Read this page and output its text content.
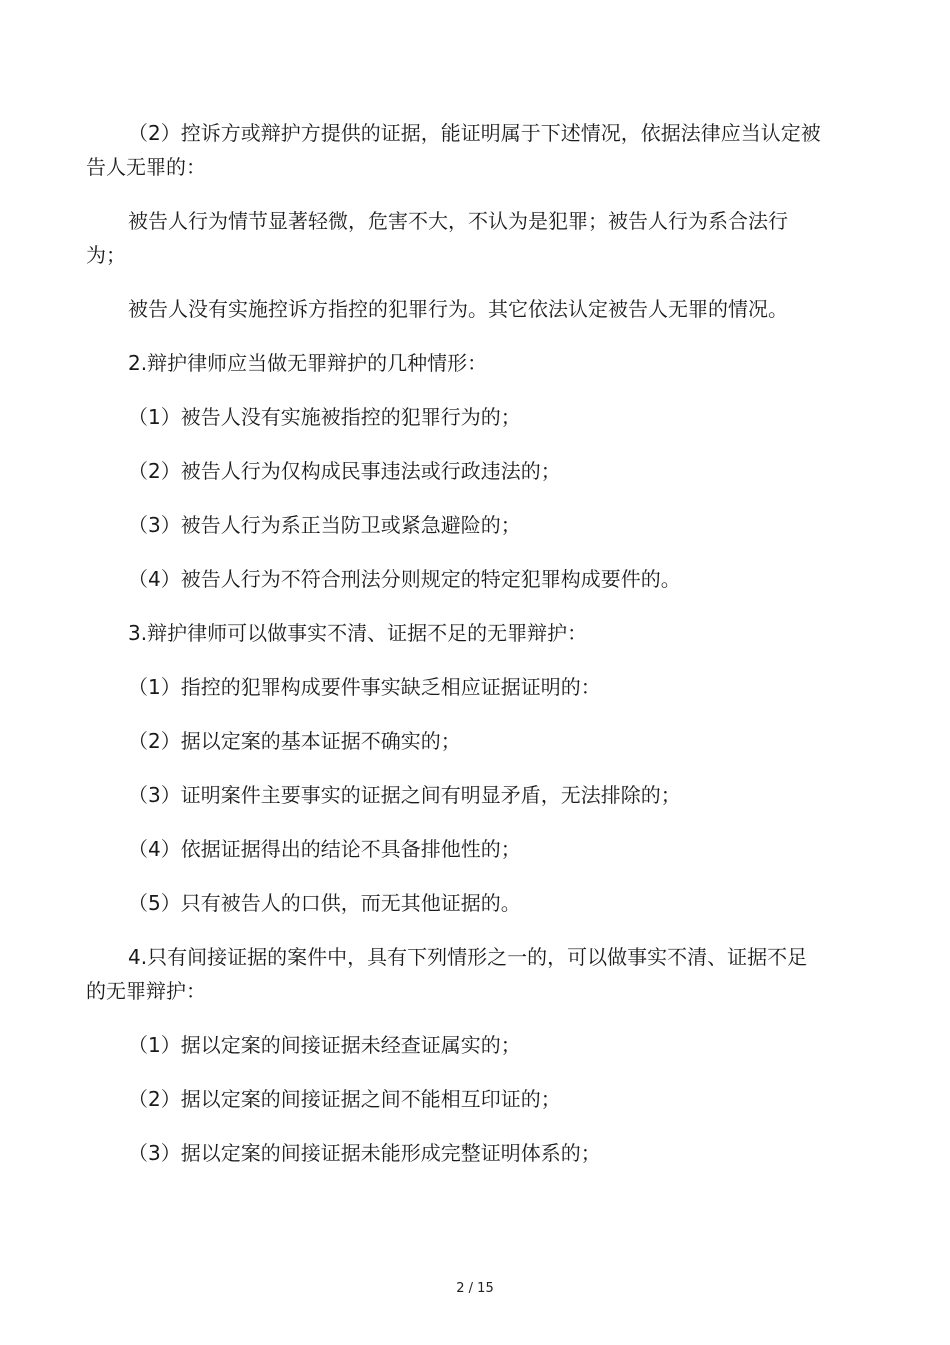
（2）控诉方或辩护方提供的证据，能证明属于下述情况，依据法律应当认定被告人无罪的：

被告人行为情节显著轻微，危害不大，不认为是犯罪；被告人行为系合法行为；

被告人没有实施控诉方指控的犯罪行为。其它依法认定被告人无罪的情况。

2.辩护律师应当做无罪辩护的几种情形：

（1）被告人没有实施被指控的犯罪行为的；

（2）被告人行为仅构成民事违法或行政违法的；

（3）被告人行为系正当防卫或紧急避险的；

（4）被告人行为不符合刑法分则规定的特定犯罪构成要件的。

3.辩护律师可以做事实不清、证据不足的无罪辩护：

（1）指控的犯罪构成要件事实缺乏相应证据证明的：

（2）据以定案的基本证据不确实的；

（3）证明案件主要事实的证据之间有明显矛盾，无法排除的；

（4）依据证据得出的结论不具备排他性的；

（5）只有被告人的口供，而无其他证据的。

4.只有间接证据的案件中，具有下列情形之一的，可以做事实不清、证据不足的无罪辩护：

（1）据以定案的间接证据未经查证属实的；

（2）据以定案的间接证据之间不能相互印证的；

（3）据以定案的间接证据未能形成完整证明体系的；

2 / 15
